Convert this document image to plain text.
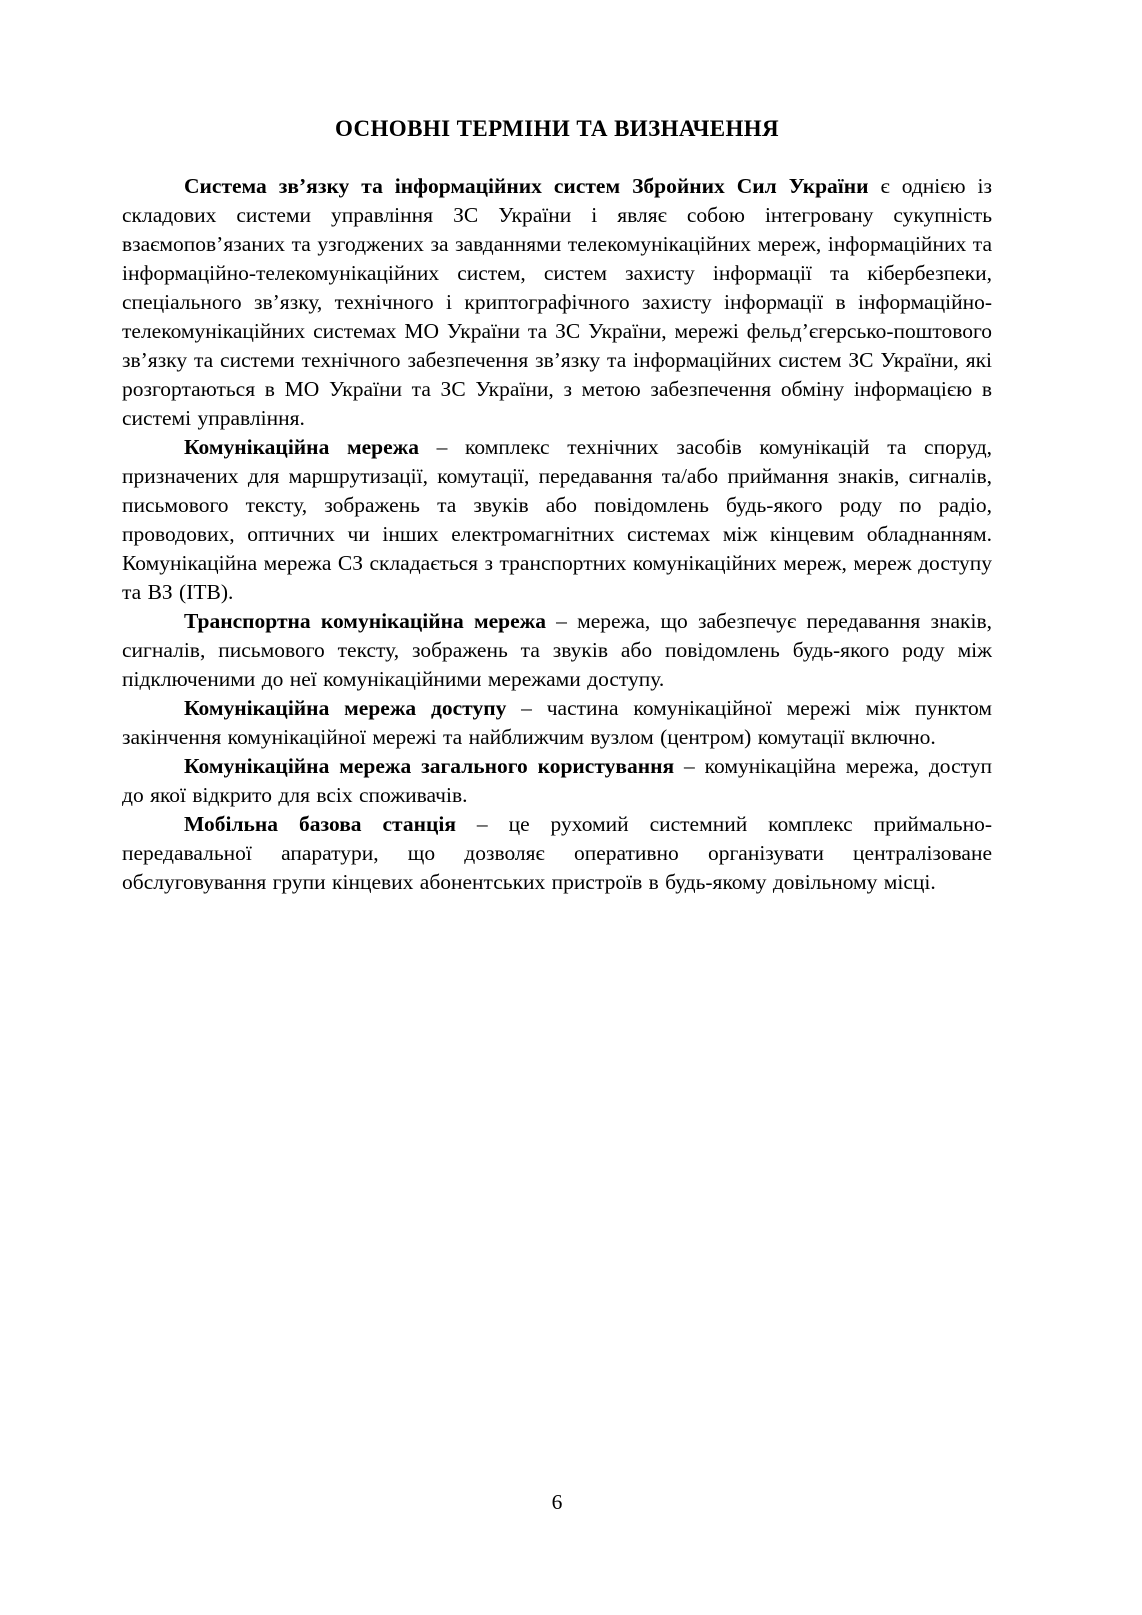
ОСНОВНІ ТЕРМІНИ ТА ВИЗНАЧЕННЯ

Система зв’язку та інформаційних систем Збройних Сил України є однією із складових системи управління ЗС України і являє собою інтегровану сукупність взаємопов’язаних та узгоджених за завданнями телекомунікаційних мереж, інформаційних та інформаційно-телекомунікаційних систем, систем захисту інформації та кібербезпеки, спеціального зв’язку, технічного і криптографічного захисту інформації в інформаційно-телекомунікаційних системах МО України та ЗС України, мережі фельд’єгерсько-поштового зв’язку та системи технічного забезпечення зв’язку та інформаційних систем ЗС України, які розгортаються в МО України та ЗС України, з метою забезпечення обміну інформацією в системі управління.

Комунікаційна мережа – комплекс технічних засобів комунікацій та споруд, призначених для маршрутизації, комутації, передавання та/або приймання знаків, сигналів, письмового тексту, зображень та звуків або повідомлень будь-якого роду по радіо, проводових, оптичних чи інших електромагнітних системах між кінцевим обладнанням. Комунікаційна мережа СЗ складається з транспортних комунікаційних мереж, мереж доступу та ВЗ (ІТВ).

Транспортна комунікаційна мережа – мережа, що забезпечує передавання знаків, сигналів, письмового тексту, зображень та звуків або повідомлень будь-якого роду між підключеними до неї комунікаційними мережами доступу.

Комунікаційна мережа доступу – частина комунікаційної мережі між пунктом закінчення комунікаційної мережі та найближчим вузлом (центром) комутації включно.

Комунікаційна мережа загального користування – комунікаційна мережа, доступ до якої відкрито для всіх споживачів.

Мобільна базова станція – це рухомий системний комплекс приймально-передавальної апаратури, що дозволяє оперативно організувати централізоване обслуговування групи кінцевих абонентських пристроїв в будь-якому довільному місці.

6
